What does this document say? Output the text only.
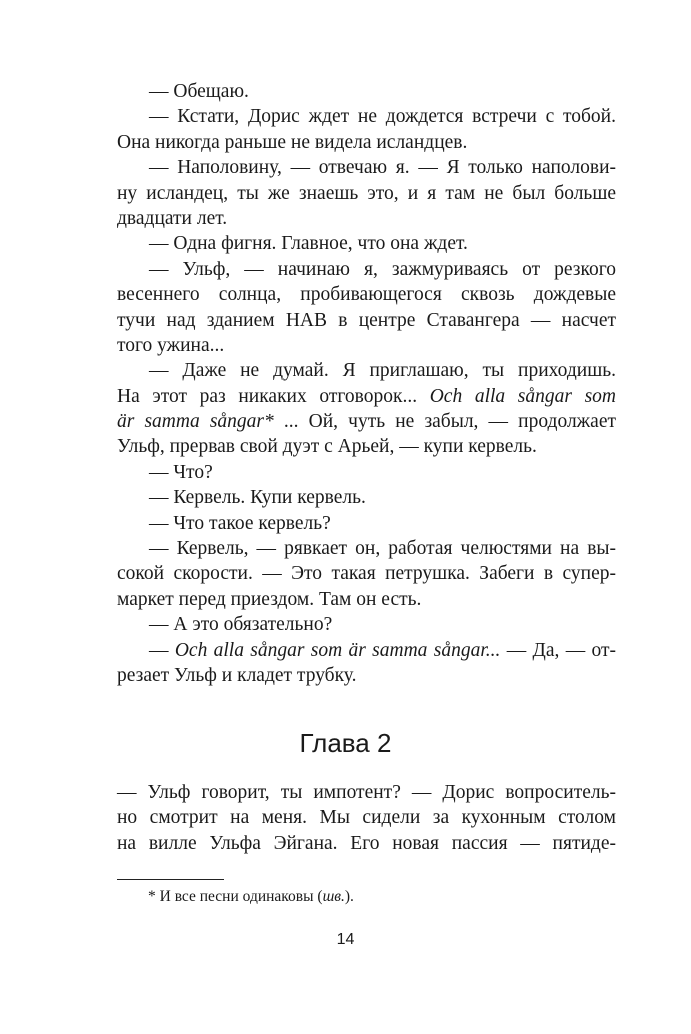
— Обещаю.
— Кстати, Дорис ждет не дождется встречи с тобой.
Она никогда раньше не видела исландцев.
— Наполовину, — отвечаю я. — Я только наполови-
ну исландец, ты же знаешь это, и я там не был больше
двадцати лет.
— Одна фигня. Главное, что она ждет.
— Ульф, — начинаю я, зажмуриваясь от резкого
весеннего солнца, пробивающегося сквозь дождевые
тучи над зданием НАВ в центре Ставангера — насчет
того ужина...
— Даже не думай. Я приглашаю, ты приходишь.
На этот раз никаких отговорок... Och alla sångar som
är samma sångar* ... Ой, чуть не забыл, — продолжает
Ульф, прервав свой дуэт с Арьей, — купи кервель.
— Что?
— Кервель. Купи кервель.
— Что такое кервель?
— Кервель, — рявкает он, работая челюстями на вы-
сокой скорости. — Это такая петрушка. Забеги в супер-
маркет перед приездом. Там он есть.
— А это обязательно?
— Och alla sångar som är samma sångar... — Да, — от-
резает Ульф и кладет трубку.
Глава 2
— Ульф говорит, ты импотент? — Дорис вопроситель-
но смотрит на меня. Мы сидели за кухонным столом
на вилле Ульфа Эйгана. Его новая пассия — пятиде-
* И все песни одинаковы (шв.).
14
